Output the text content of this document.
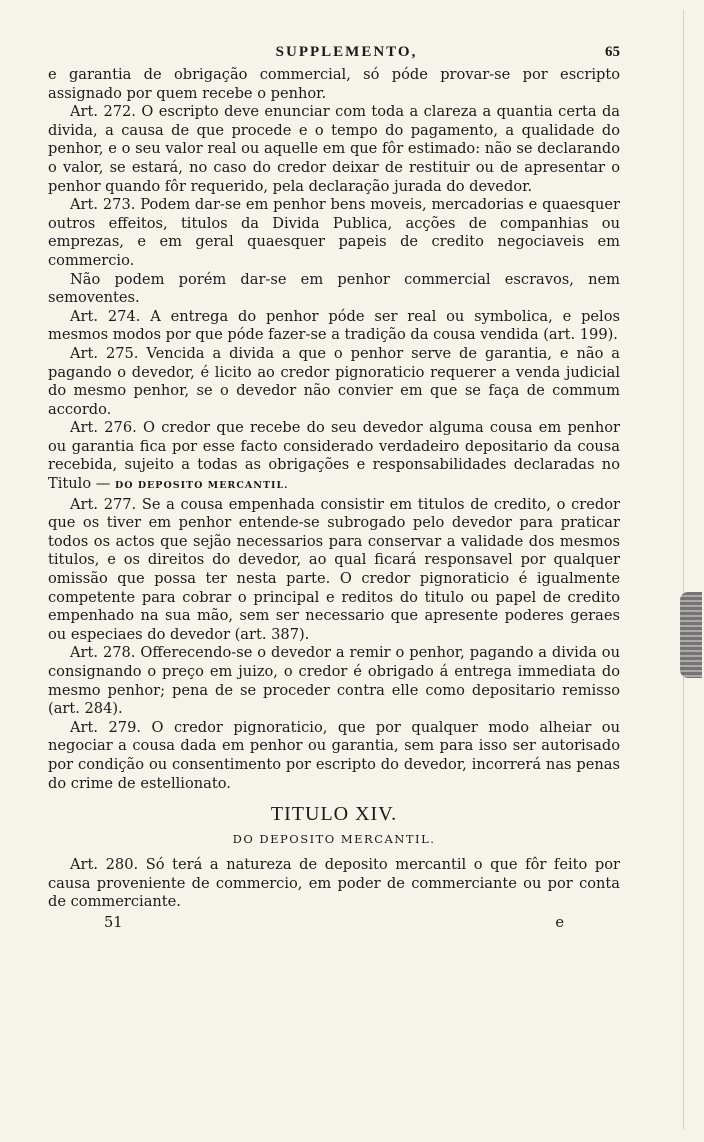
SUPPLEMENTO,	65

e garantia de obrigação commercial, só póde provar-se por escripto assignado por quem recebe o penhor.

Art. 272. O escripto deve enunciar com toda a clareza a quantia certa da divida, a causa de que procede e o tempo do pagamento, a qualidade do penhor, e o seu valor real ou aquelle em que fôr estimado: não se declarando o valor, se estará, no caso do credor deixar de restituir ou de apresentar o penhor quando fôr requerido, pela declaração jurada do devedor.

Art. 273. Podem dar-se em penhor bens moveis, mercadorias e quaesquer outros effeitos, titulos da Divida Publica, acções de companhias ou emprezas, e em geral quaesquer papeis de credito negociaveis em commercio.

Não podem porém dar-se em penhor commercial escravos, nem semoventes.

Art. 274. A entrega do penhor póde ser real ou symbolica, e pelos mesmos modos por que póde fazer-se a tradição da cousa vendida (art. 199).

Art. 275. Vencida a divida a que o penhor serve de garantia, e não a pagando o devedor, é licito ao credor pignoraticio requerer a venda judicial do mesmo penhor, se o devedor não convier em que se faça de commum accordo.

Art. 276. O credor que recebe do seu devedor alguma cousa em penhor ou garantia fica por esse facto considerado verdadeiro depositario da cousa recebida, sujeito a todas as obrigações e responsabilidades declaradas no Titulo — DO DEPOSITO MERCANTIL.

Art. 277. Se a cousa empenhada consistir em titulos de credito, o credor que os tiver em penhor entende-se subrogado pelo devedor para praticar todos os actos que sejão necessarios para conservar a validade dos mesmos titulos, e os direitos do devedor, ao qual ficará responsavel por qualquer omissão que possa ter nesta parte. O credor pignoraticio é igualmente competente para cobrar o principal e reditos do titulo ou papel de credito empenhado na sua mão, sem ser necessario que apresente poderes geraes ou especiaes do devedor (art. 387).

Art. 278. Offerecendo-se o devedor a remir o penhor, pagando a divida ou consignando o preço em juizo, o credor é obrigado á entrega immediata do mesmo penhor; pena de se proceder contra elle como depositario remisso (art. 284).

Art. 279. O credor pignoraticio, que por qualquer modo alheiar ou negociar a cousa dada em penhor ou garantia, sem para isso ser autorisado por condição ou consentimento por escripto do devedor, incorrerá nas penas do crime de estellionato.

TITULO XIV.
DO DEPOSITO MERCANTIL.

Art. 280. Só terá a natureza de deposito mercantil o que fôr feito por causa proveniente de commercio, em poder de commerciante ou por conta de commerciante.

51	e
